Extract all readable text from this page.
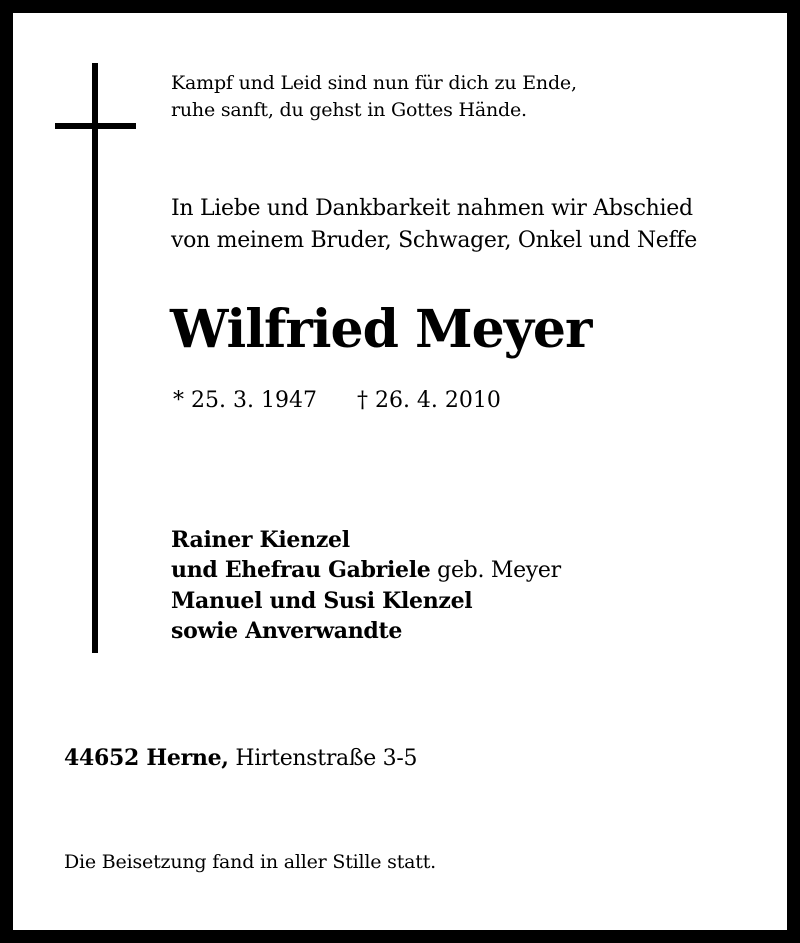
Kampf und Leid sind nun für dich zu Ende,
ruhe sanft, du gehst in Gottes Hände.
In Liebe und Dankbarkeit nahmen wir Abschied
von meinem Bruder, Schwager, Onkel und Neffe
Wilfried Meyer
* 25. 3. 1947 † 26. 4. 2010
Rainer Kienzel
und Ehefrau Gabriele geb. Meyer
Manuel und Susi Klenzel
sowie Anverwandte
44652 Herne, Hirtenstraße 3-5
Die Beisetzung fand in aller Stille statt.
